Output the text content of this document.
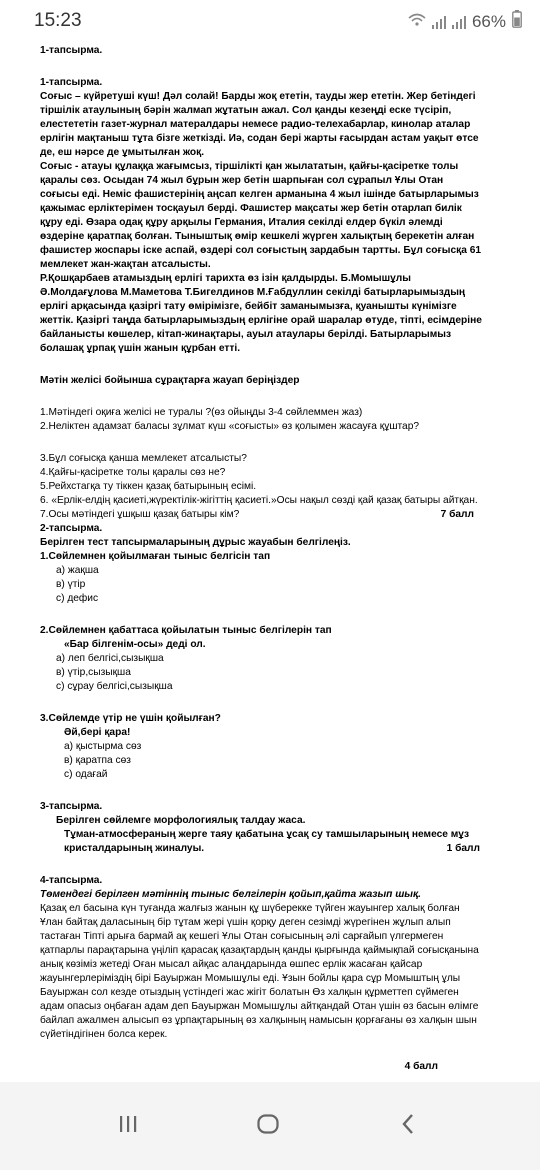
15:23	66%

1-тапсырма.

1-тапсырма.

Соғыс – күйретуші күш! Дәл солай! Барды жоқ ететін, тауды жер ететін. Жер бетіндегі

тіршілік атаулының бәрін жалмап жұтатын ажал. Сол қанды кезеңді еске түсіріп,

елестететін газет-журнал матералдары немесе радио-телехабарлар, кинолар аталар

ерлігін мақтаныш тұта бізге жеткізді. Иә, содан бері жарты ғасырдан астам уақыт өтсе

де, еш нәрсе де ұмытылған жоқ.

Соғыс - атауы құлаққа жағымсыз, тіршілікті қан жылататын, қайғы-қасіретке толы

қаралы сөз. Осыдан 74 жыл бұрын жер бетін шарпыған сол сұрапыл Ұлы Отан

соғысы еді. Неміс фашистерінің аңсап келген арманына 4 жыл ішінде батырларымыз

қажымас ерліктерімен тосқауыл берді. Фашистер мақсаты жер бетін отарлап билік

құру еді. Өзара одақ құру арқылы Германия, Италия секілді елдер бүкіл әлемді

өздеріне қаратпақ болған. Тыныштық өмір кешкелі жүрген халықтың берекетін алған

фашистер жоспары іске аспай, өздері сол соғыстың зардабын тартты. Бұл соғысқа 61

мемлекет жан-жақтан атсалысты.

Р.Қошқарбаев атамыздың ерлігі тарихта өз ізін қалдырды. Б.Момышұлы

Ә.Молдағұлова М.Маметова Т.Бигелдинов М.Ғабдуллин секілді батырларымыздың

ерлігі арқасында қазіргі тату өмірімізге, бейбіт заманымызға, қуанышты күнімізге

жеттік. Қазіргі таңда батырларымыздың ерлігіне орай шаралар өтуде, тіпті, есімдеріне

байланысты көшелер, кітап-жинақтары, ауыл атаулары берілді. Батырларымыз

болашақ ұрпақ үшін жанын құрбан етті.

Мәтін желісі бойынша сұрақтарға жауап беріңіздер

1.Мәтіндегі оқиға желісі не туралы ?(өз ойыңды 3-4 сөйлеммен жаз)

2.Неліктен адамзат баласы зұлмат күш «соғысты» өз қолымен жасауға құштар?

3.Бұл соғысқа қанша мемлекет атсалысты?

4.Қайғы-қасіретке толы қаралы сөз не?

5.Рейхстагқа ту тіккен қазақ батырының есімі.

6. «Ерлік-елдің қасиеті,жүректілік-жігіттің қасиеті.»Осы нақыл сөзді қай қазақ батыры айтқан.

7.Осы мәтіндегі ұшқыш қазақ батыры кім?	7 балл

2-тапсырма.

Берілген тест тапсырмаларының дұрыс жауабын белгілеңіз.

1.Сөйлемнен қойылмаған тыныс белгісін тап

а) жақша

в) үтір

с) дефис

2.Сөйлемнен қабаттаса қойылатын тыныс белгілерін тап

«Бар білгенім-осы» деді ол.

а) леп белгісі,сызықша

в) үтір,сызықша

с) сұрау белгісі,сызықша

3.Сөйлемде үтір не үшін қойылған?

Әй,бері қара!

а) қыстырма сөз

в) қаратпа сөз

с) одағай

3-тапсырма.

Берілген сөйлемге морфологиялық талдау жаса.

Тұман-атмосфераның жерге таяу қабатына ұсақ су тамшыларының немесе мұз

кристалдарының жиналуы.	1 балл

4-тапсырма.

Төмендегі берілген мәтіннің тыныс белгілерін қойып,қайта жазып шық.

Қазақ ел басына күн туғанда жалғыз жанын құ шүберекке түйген жауынгер халық болған

Ұлан байтақ даласының бір тұтам жері үшін қорқу деген сезімді жүрегінен жұлып алып

тастаған Тіпті арыға бармай ақ кешегі Ұлы Отан соғысының әлі сарғайып үлгермеген

қатпарлы парақтарына үңіліп қарасақ қазақтардың қанды қырғында қаймықпай соғысқанына

анық көзіміз жетеді Оған мысал айқас алаңдарында өшпес ерлік жасаған қайсар

жауынгерлеріміздің бірі Бауыржан Момышұлы еді. Ұзын бойлы қара сұр Момыштың ұлы

Бауыржан сол кезде отыздың үстіндегі жас жігіт болатын Өз халқын құрметтеп сүймеген

адам опасыз оңбаған адам деп Бауыржан Момышұлы айтқандай Отан үшін өз басын өлімге

байлап ажалмен алысып өз ұрпақтарының өз халқының намысын қорғағаны өз халқын шын

сүйетіндігінен болса керек.

4 балл
